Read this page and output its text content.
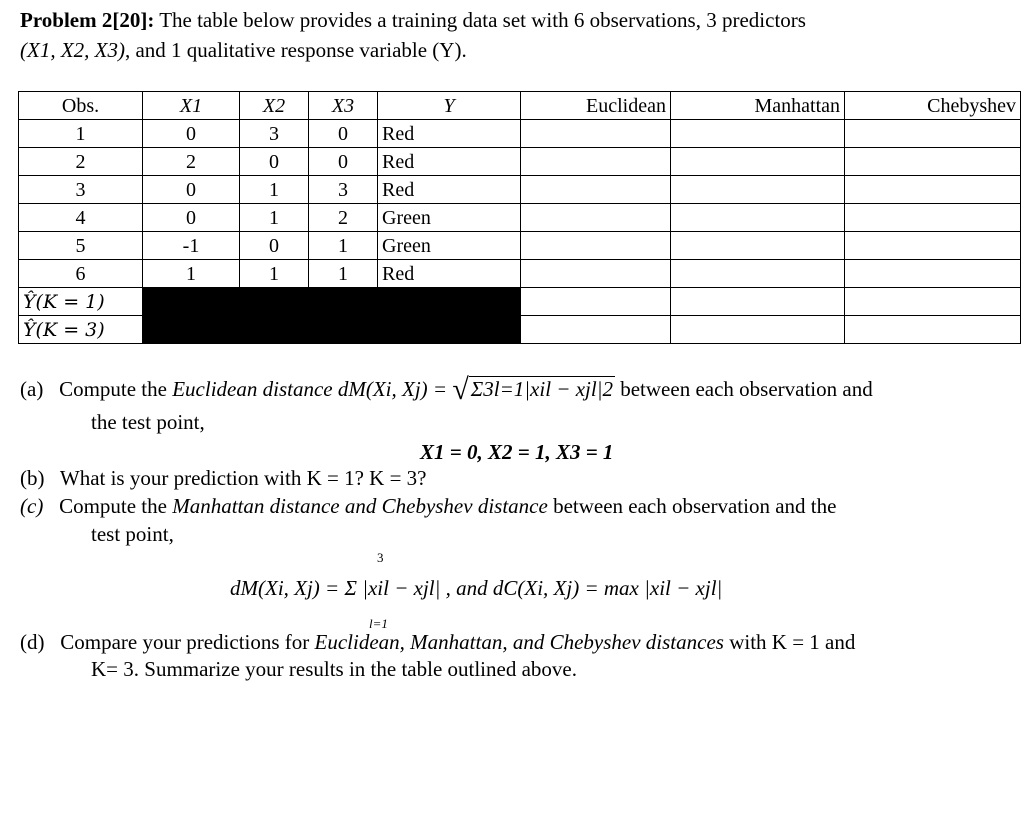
Problem 2[20]: The table below provides a training data set with 6 observations, 3 predictors
(X1, X2, X3), and 1 qualitative response variable (Y).
Obs.	X1	X2	X3	Y	Euclidean	Manhattan	Chebyshev
1	0	3	0	Red			
2	2	0	0	Red			
3	0	1	3	Red			
4	0	1	2	Green			
5	-1	0	1	Green			
6	1	1	1	Red			
Ŷ(K = 1)							
Ŷ(K = 3)							
(a) Compute the Euclidean distance dM(Xi, Xj) = √Σ3l=1|xil − xjl|2 between each observation and
the test point,
X1 = 0, X2 = 1, X3 = 1
(b) What is your prediction with K = 1? K = 3?
(c) Compute the Manhattan distance and Chebyshev distance between each observation and the
test point,
3
dM(Xi, Xj) = Σ |xil − xjl| , and dC(Xi, Xj) = max |xil − xjl|
l=1
(d) Compare your predictions for Euclidean, Manhattan, and Chebyshev distances with K = 1 and
K= 3. Summarize your results in the table outlined above.
